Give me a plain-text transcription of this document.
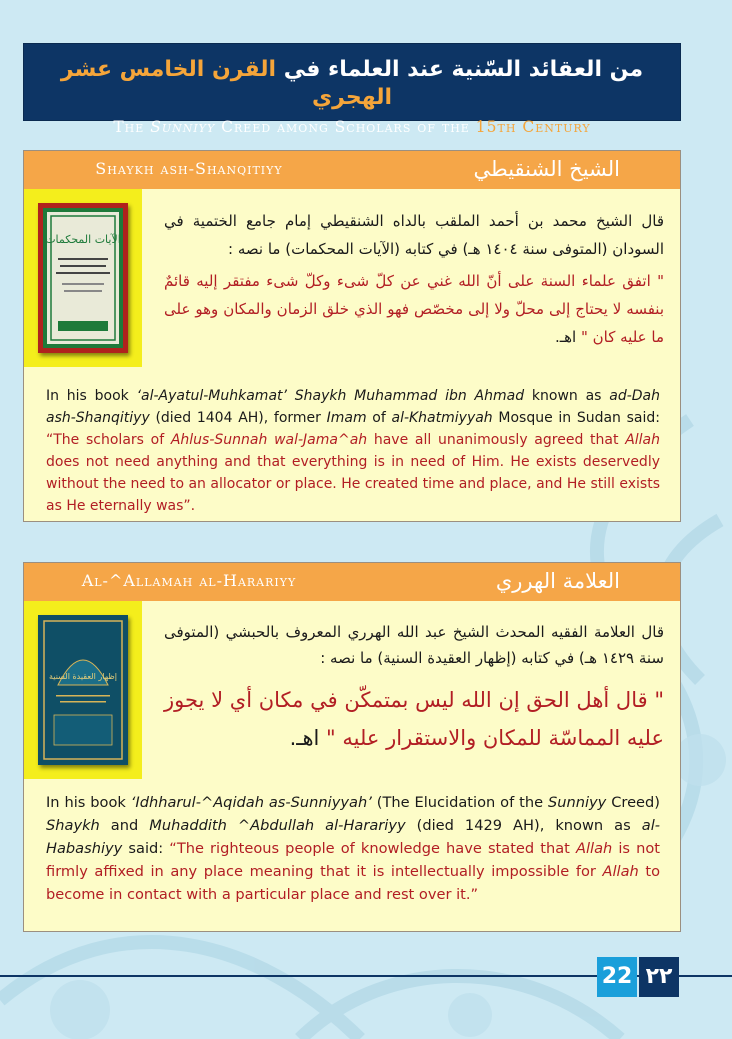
من العقائد السّنية عند العلماء في القرن الخامس عشر الهجري
The Sunniyy Creed among Scholars of the 15th Century
Shaykh ash-Shanqitiyy	الشيخ الشنقيطي
الآيات المحكمات
قال الشيخ محمد بن أحمد الملقب بالداه الشنقيطي إمام جامع الختمية في السودان (المتوفى سنة ١٤٠٤ هـ) في كتابه (الآيات المحكمات) ما نصه :
" اتفق علماء السنة على أنّ الله غني عن كلّ شىء وكلّ شىء مفتقر إليه قائمٌ بنفسه لا يحتاج إلى محلّ ولا إلى مخصّص فهو الذي خلق الزمان والمكان وهو على ما عليه كان " اهـ.
In his book ‘al-Ayatul-Muhkamat’ Shaykh Muhammad ibn Ahmad known as ad-Dah ash-Shanqitiyy (died 1404 AH), former Imam of al-Khatmiyyah Mosque in Sudan said: “The scholars of Ahlus-Sunnah wal-Jama^ah have all unanimously agreed that Allah does not need anything and that everything is in need of Him. He exists deservedly without the need to an allocator or place. He created time and place, and He still exists as He eternally was”.
Al-^Allamah al-Harariyy	العلامة الهرري
إظهار العقيدة السنية
قال العلامة الفقيه المحدث الشيخ عبد الله الهرري المعروف بالحبشي (المتوفى سنة ١٤٢٩ هـ) في كتابه (إظهار العقيدة السنية) ما نصه :
" قال أهل الحق إن الله ليس بمتمكّن في مكان أي لا يجوز عليه المماسّة للمكان والاستقرار عليه " اهـ.
In his book ‘Idhharul-^Aqidah as-Sunniyyah’ (The Elucidation of the Sunniyy Creed) Shaykh and Muhaddith ^Abdullah al-Harariyy (died 1429 AH), known as al-Habashiyy said: “The righteous people of knowledge have stated that Allah is not firmly affixed in any place meaning that it is intellectually impossible for Allah to become in contact with a particular place and rest over it.”
22 ٢٢
